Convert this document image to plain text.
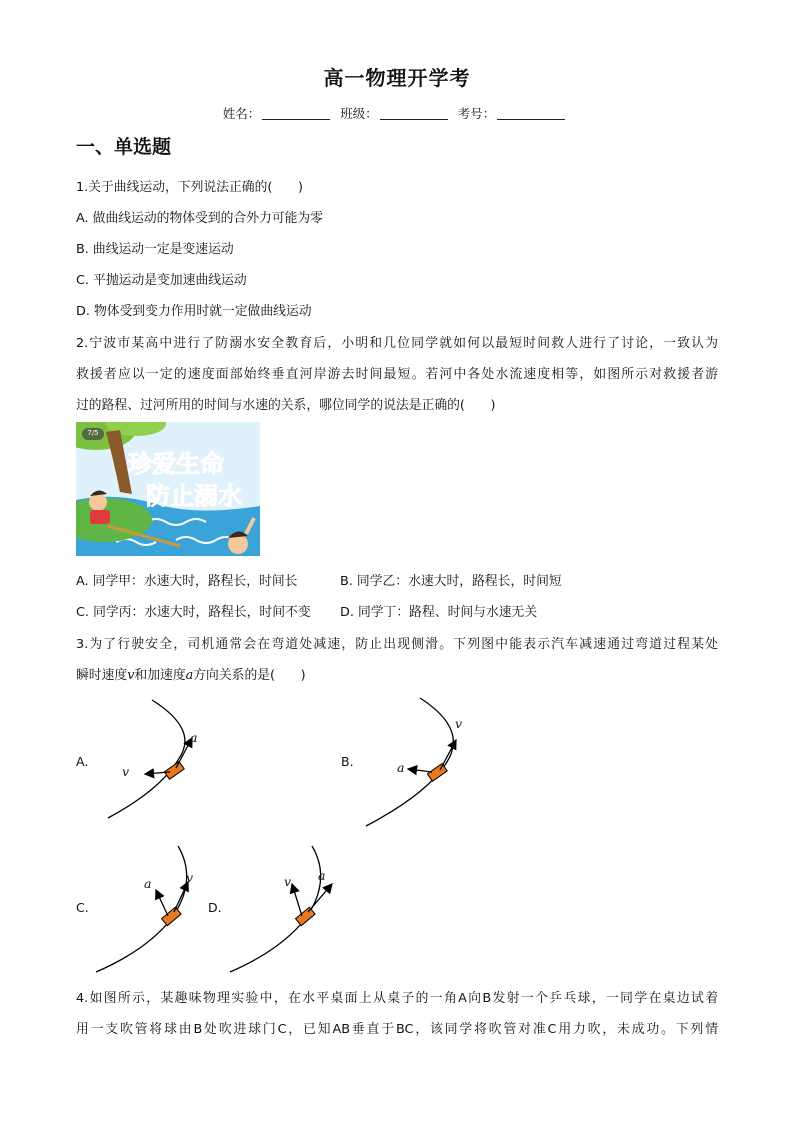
高一物理开学考
姓名：	班级：	考号：
一、单选题
1.关于曲线运动，下列说法正确的(　　)
A. 做曲线运动的物体受到的合外力可能为零
B. 曲线运动一定是变速运动
C. 平抛运动是变加速曲线运动
D. 物体受到变力作用时就一定做曲线运动
2.宁波市某高中进行了防溺水安全教育后，小明和几位同学就如何以最短时间救人进行了讨论，一致认为
救援者应以一定的速度面部始终垂直河岸游去时间最短。若河中各处水流速度相等，如图所示对救援者游
过的路程、过河所用的时间与水速的关系，哪位同学的说法是正确的(　　)
7/5
珍爱生命
防止溺水
A. 同学甲：水速大时，路程长，时间长	B. 同学乙：水速大时，路程长，时间短
C. 同学丙：水速大时，路程长，时间不变 D. 同学丁：路程、时间与水速无关
3.为了行驶安全，司机通常会在弯道处减速，防止出现侧滑。下列图中能表示汽车减速通过弯道过程某处
瞬时速度v和加速度a方向关系的是(　　)
A.
a
v
B.
v
a
C.
a	v
D.
v a
4.如图所示，某趣味物理实验中，在水平桌面上从桌子的一角A向B发射一个乒乓球，一同学在桌边试着
用一支吹管将球由B处吹进球门C，已知AB垂直于BC，该同学将吹管对准C用力吹，未成功。下列情
